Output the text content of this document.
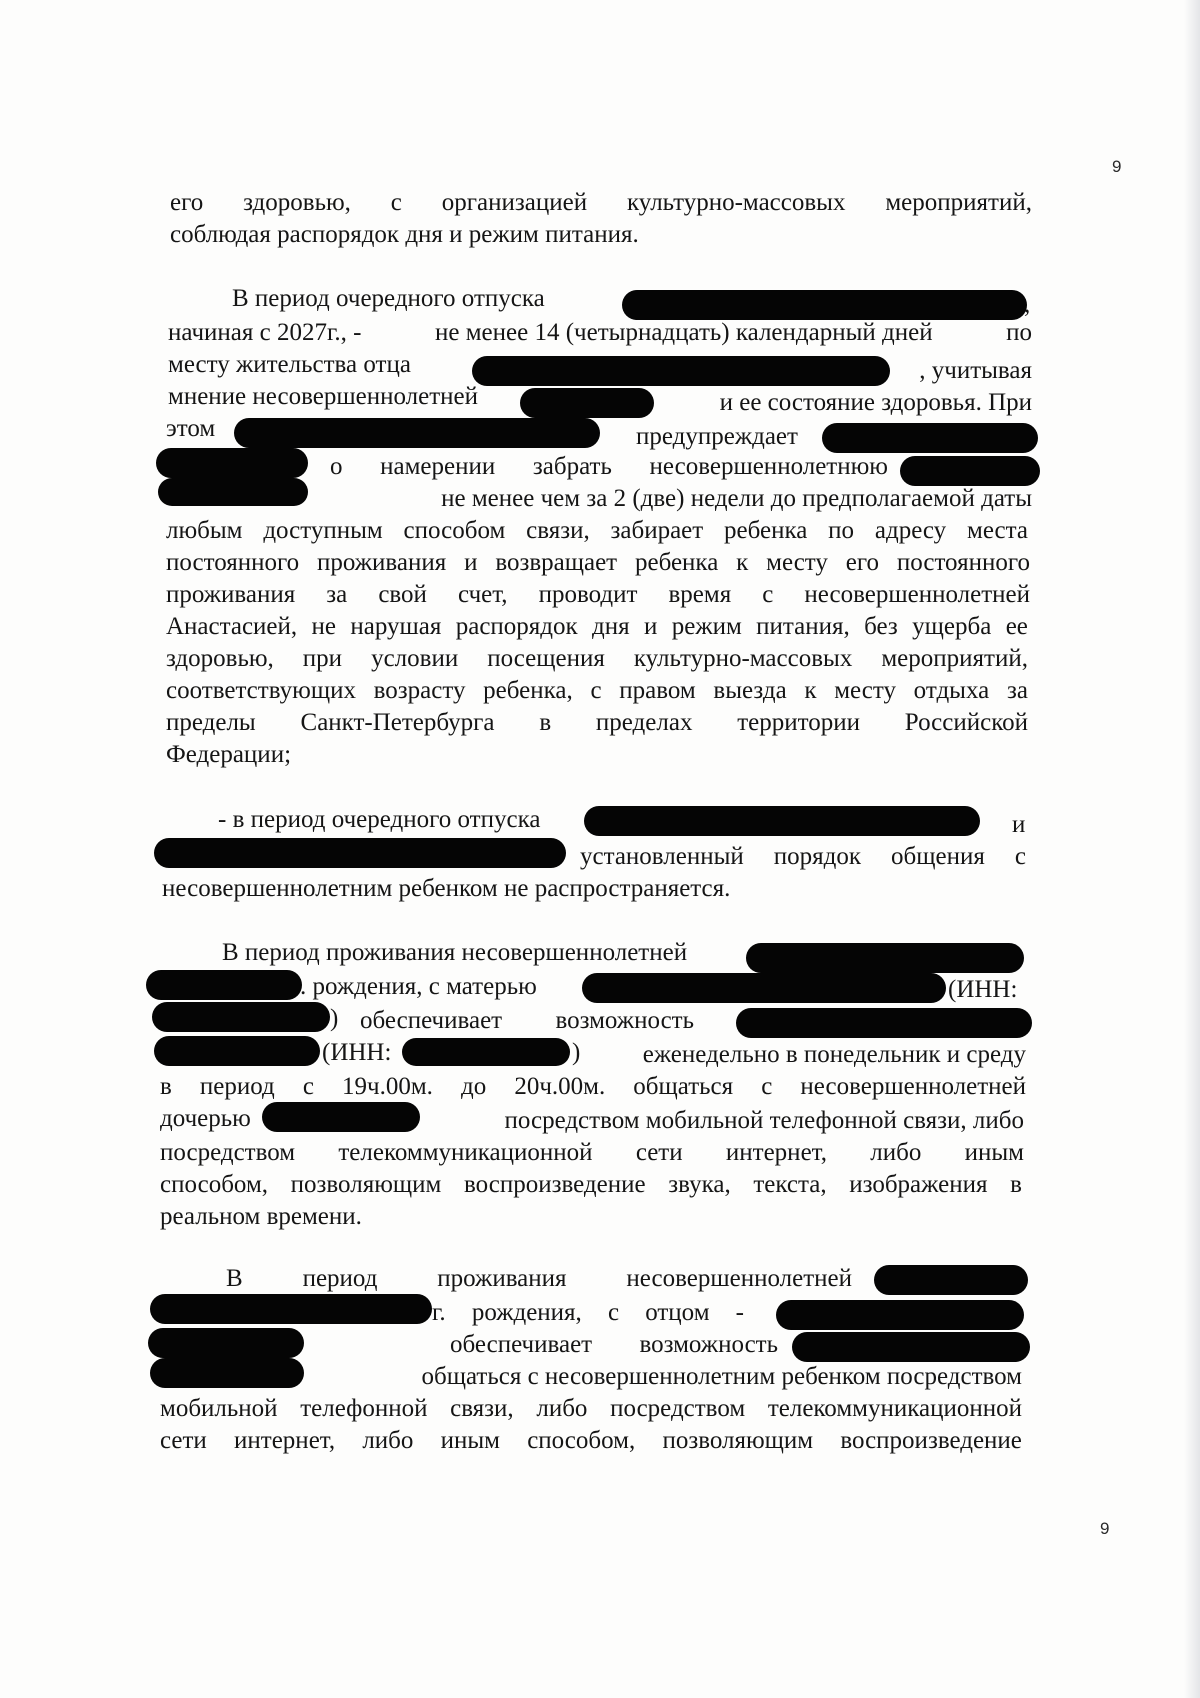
9
его здоровью, с организацией культурно-массовых мероприятий,
соблюдая распорядок дня и режим питания.
В период очередного отпуска	,
начиная с 2027г., -	не менее 14 (четырнадцать) календарный дней	по
месту жительства отца	, учитывая
мнение несовершеннолетней	и ее состояние здоровья. При
этом	предупреждает
о намерении забрать несовершеннолетнюю
не менее чем за 2 (две) недели до предполагаемой даты
любым доступным способом связи, забирает ребенка по адресу места
постоянного проживания и возвращает ребенка к месту его постоянного
проживания за свой счет, проводит время с несовершеннолетней
Анастасией, не нарушая распорядок дня и режим питания, без ущерба ее
здоровью, при условии посещения культурно-массовых мероприятий,
соответствующих возрасту ребенка, с правом выезда к месту отдыха за
пределы Санкт-Петербурга в пределах территории Российской
Федерации;
- в период очередного отпуска	и
установленный порядок общения с
несовершеннолетним ребенком не распространяется.
В период проживания несовершеннолетней
. рождения, с матерью	(ИНН:
) обеспечивает возможность
(ИНН:	)	еженедельно в понедельник и среду
в период с 19ч.00м. до 20ч.00м. общаться с несовершеннолетней
дочерью	посредством мобильной телефонной связи, либо
посредством телекоммуникационной сети интернет, либо иным
способом, позволяющим воспроизведение звука, текста, изображения в
реальном времени.
В период проживания несовершеннолетней
г. рождения, с отцом -
обеспечивает возможность
общаться с несовершеннолетним ребенком посредством
мобильной телефонной связи, либо посредством телекоммуникационной
сети интернет, либо иным способом, позволяющим воспроизведение
9
